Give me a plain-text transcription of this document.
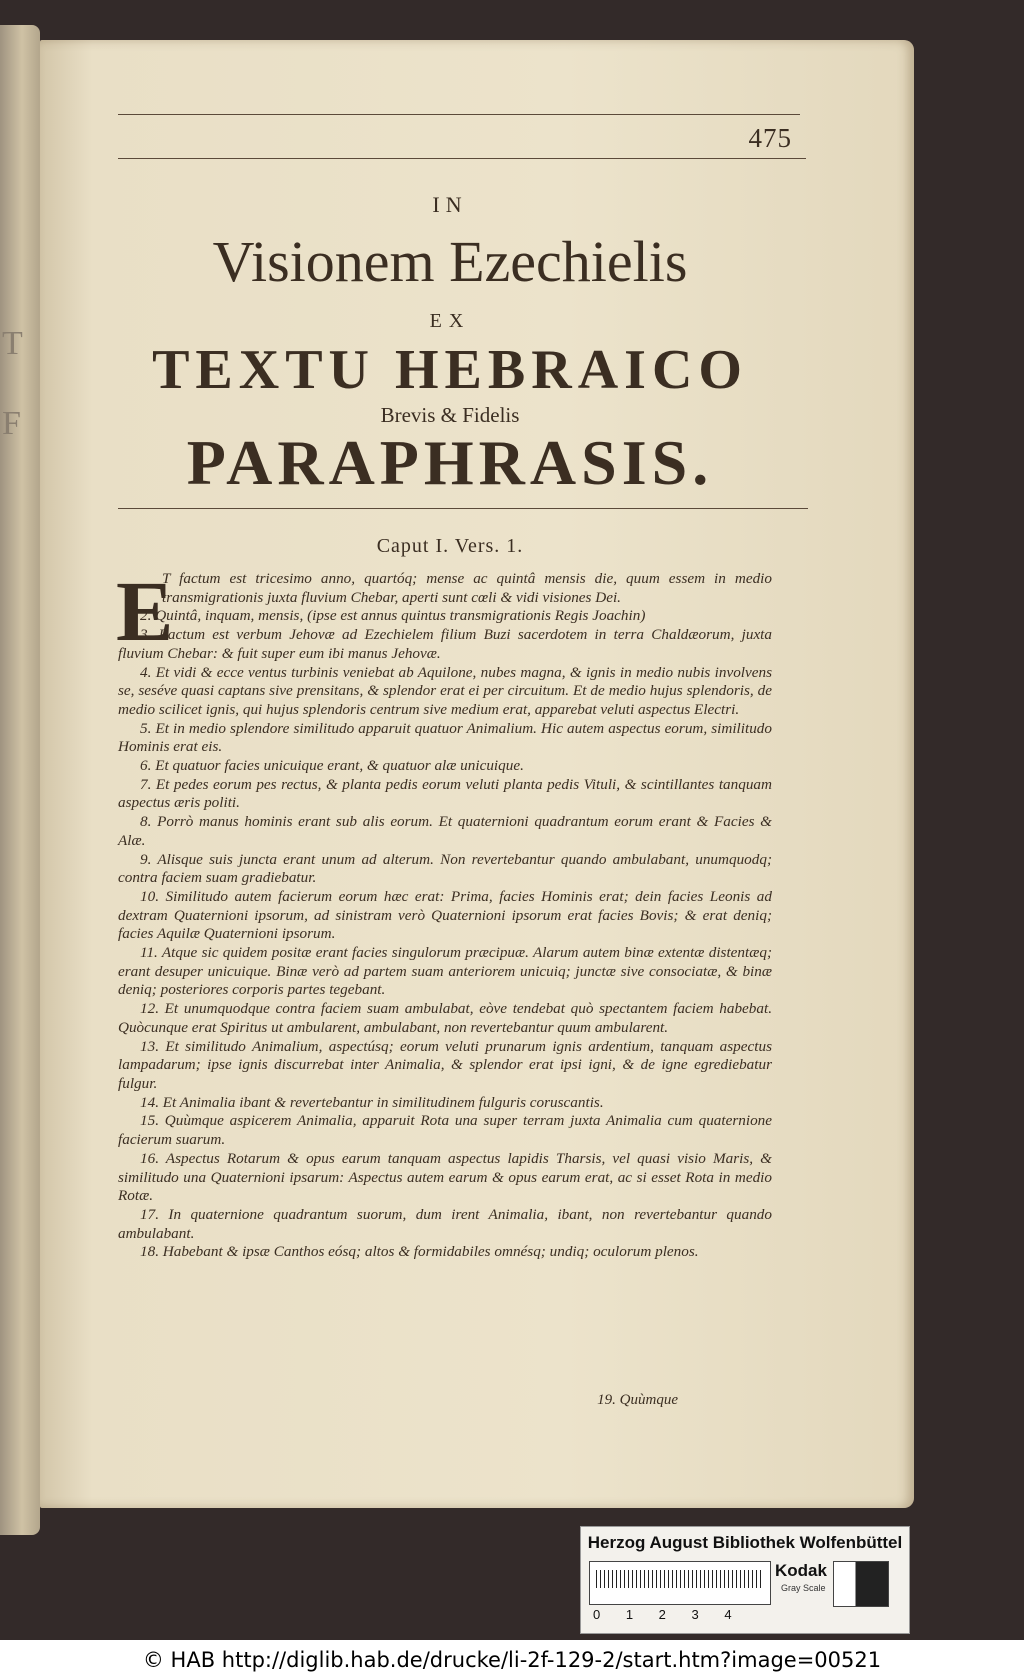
T
F
475
IN
Visionem Ezechielis
EX
TEXTU HEBRAICO
Brevis & Fidelis
PARAPHRASIS.
Caput I. Vers. 1.
E

T factum est tricesimo anno, quartóq; mense ac quintâ mensis die, quum essem in medio transmigrationis juxta fluvium Chebar, aperti sunt cœli & vidi visiones Dei.

2. Quintâ, inquam, mensis, (ipse est annus quintus transmigrationis Regis Joachin)

3. Factum est verbum Jehovæ ad Ezechielem filium Buzi sacerdotem in terra Chaldæorum, juxta fluvium Chebar: & fuit super eum ibi manus Jehovæ.

4. Et vidi & ecce ventus turbinis veniebat ab Aquilone, nubes magna, & ignis in medio nubis involvens se, seséve quasi captans sive prensitans, & splendor erat ei per circuitum. Et de medio hujus splendoris, de medio scilicet ignis, qui hujus splendoris centrum sive medium erat, apparebat veluti aspectus Electri.

5. Et in medio splendore similitudo apparuit quatuor Animalium. Hic autem aspectus eorum, similitudo Hominis erat eis.

6. Et quatuor facies unicuique erant, & quatuor alæ unicuique.

7. Et pedes eorum pes rectus, & planta pedis eorum veluti planta pedis Vituli, & scintillantes tanquam aspectus æris politi.

8. Porrò manus hominis erant sub alis eorum. Et quaternioni quadrantum eorum erant & Facies & Alæ.

9. Alisque suis juncta erant unum ad alterum. Non revertebantur quando ambulabant, unumquodq; contra faciem suam gradiebatur.

10. Similitudo autem facierum eorum hæc erat: Prima, facies Hominis erat; dein facies Leonis ad dextram Quaternioni ipsorum, ad sinistram verò Quaternioni ipsorum erat facies Bovis; & erat deniq; facies Aquilæ Quaternioni ipsorum.

11. Atque sic quidem positæ erant facies singulorum præcipuæ. Alarum autem binæ extentæ distentæq; erant desuper unicuique. Binæ verò ad partem suam anteriorem unicuiq; junctæ sive consociatæ, & binæ deniq; posteriores corporis partes tegebant.

12. Et unumquodque contra faciem suam ambulabat, eòve tendebat quò spectantem faciem habebat. Quòcunque erat Spiritus ut ambularent, ambulabant, non revertebantur quum ambularent.

13. Et similitudo Animalium, aspectúsq; eorum veluti prunarum ignis ardentium, tanquam aspectus lampadarum; ipse ignis discurrebat inter Animalia, & splendor erat ipsi igni, & de igne egrediebatur fulgur.

14. Et Animalia ibant & revertebantur in similitudinem fulguris coruscantis.

15. Quùmque aspicerem Animalia, apparuit Rota una super terram juxta Animalia cum quaternione facierum suarum.

16. Aspectus Rotarum & opus earum tanquam aspectus lapidis Tharsis, vel quasi visio Maris, & similitudo una Quaternioni ipsarum: Aspectus autem earum & opus earum erat, ac si esset Rota in medio Rotæ.

17. In quaternione quadrantum suorum, dum irent Animalia, ibant, non revertebantur quando ambulabant.

18. Habebant & ipsæ Canthos eósq; altos & formidabiles omnésq; undiq; oculorum plenos.

19. Quùmque
Herzog August Bibliothek Wolfenbüttel
0 1 2 3 4
Kodak
Gray Scale
© HAB http://diglib.hab.de/drucke/li-2f-129-2/start.htm?image=00521
